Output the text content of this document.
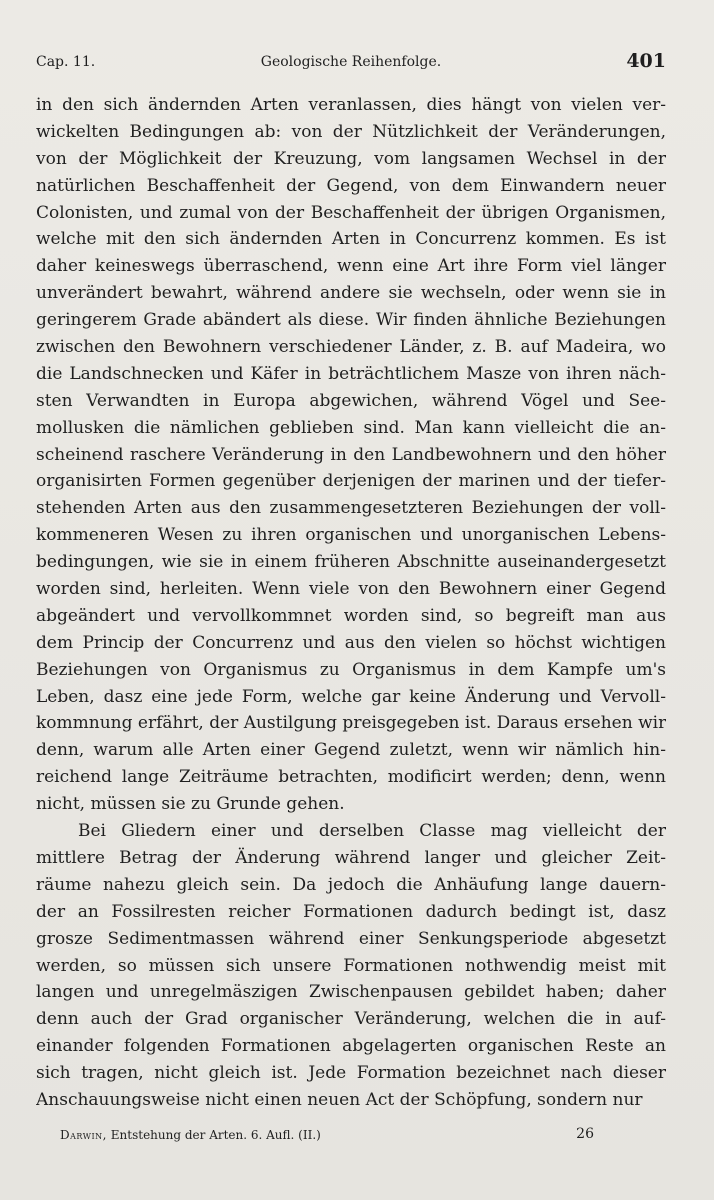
Cap. 11.	Geologische Reihenfolge.	401
in den sich ändernden Arten veranlassen, dies hängt von vielen ver-
wickelten Bedingungen ab: von der Nützlichkeit der Veränderungen,
von der Möglichkeit der Kreuzung, vom langsamen Wechsel in der
natürlichen Beschaffenheit der Gegend, von dem Einwandern neuer
Colonisten, und zumal von der Beschaffenheit der übrigen Organismen,
welche mit den sich ändernden Arten in Concurrenz kommen. Es ist
daher keineswegs überraschend, wenn eine Art ihre Form viel länger
unverändert bewahrt, während andere sie wechseln, oder wenn sie in
geringerem Grade abändert als diese. Wir finden ähnliche Beziehungen
zwischen den Bewohnern verschiedener Länder, z. B. auf Madeira, wo
die Landschnecken und Käfer in beträchtlichem Masze von ihren näch-
sten Verwandten in Europa abgewichen, während Vögel und See-
mollusken die nämlichen geblieben sind. Man kann vielleicht die an-
scheinend raschere Veränderung in den Landbewohnern und den höher
organisirten Formen gegenüber derjenigen der marinen und der tiefer-
stehenden Arten aus den zusammengesetzteren Beziehungen der voll-
kommeneren Wesen zu ihren organischen und unorganischen Lebens-
bedingungen, wie sie in einem früheren Abschnitte auseinandergesetzt
worden sind, herleiten. Wenn viele von den Bewohnern einer Gegend
abgeändert und vervollkommnet worden sind, so begreift man aus
dem Princip der Concurrenz und aus den vielen so höchst wichtigen
Beziehungen von Organismus zu Organismus in dem Kampfe um's
Leben, dasz eine jede Form, welche gar keine Änderung und Vervoll-
kommnung erfährt, der Austilgung preisgegeben ist. Daraus ersehen wir
denn, warum alle Arten einer Gegend zuletzt, wenn wir nämlich hin-
reichend lange Zeiträume betrachten, modificirt werden; denn, wenn
nicht, müssen sie zu Grunde gehen.
Bei Gliedern einer und derselben Classe mag vielleicht der
mittlere Betrag der Änderung während langer und gleicher Zeit-
räume nahezu gleich sein. Da jedoch die Anhäufung lange dauern-
der an Fossilresten reicher Formationen dadurch bedingt ist, dasz
grosze Sedimentmassen während einer Senkungsperiode abgesetzt
werden, so müssen sich unsere Formationen nothwendig meist mit
langen und unregelmäszigen Zwischenpausen gebildet haben; daher
denn auch der Grad organischer Veränderung, welchen die in auf-
einander folgenden Formationen abgelagerten organischen Reste an
sich tragen, nicht gleich ist. Jede Formation bezeichnet nach dieser
Anschauungsweise nicht einen neuen Act der Schöpfung, sondern nur
Darwin, Entstehung der Arten. 6. Aufl. (II.)	26
